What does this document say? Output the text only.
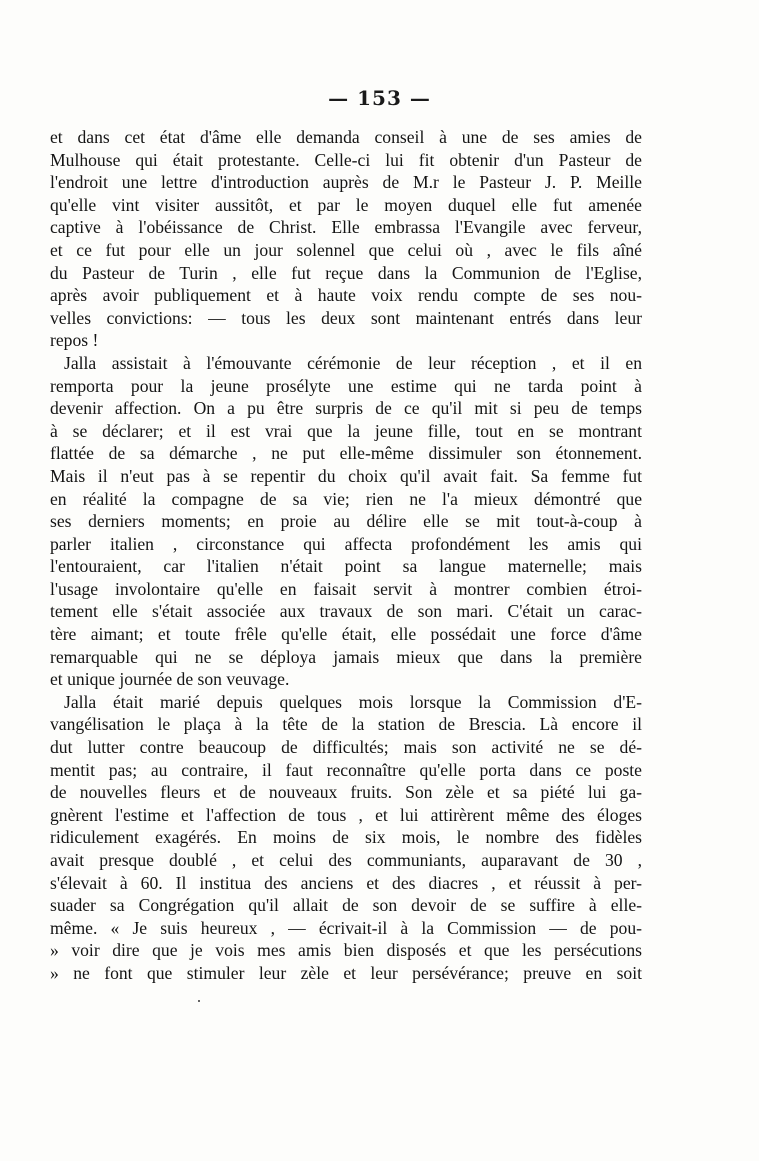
— 153 —
et dans cet état d'âme elle demanda conseil à une de ses amies de
Mulhouse qui était protestante. Celle-ci lui fit obtenir d'un Pasteur de
l'endroit une lettre d'introduction auprès de M.r le Pasteur J. P. Meille
qu'elle vint visiter aussitôt, et par le moyen duquel elle fut amenée
captive à l'obéissance de Christ. Elle embrassa l'Evangile avec ferveur,
et ce fut pour elle un jour solennel que celui où , avec le fils aîné
du Pasteur de Turin , elle fut reçue dans la Communion de l'Eglise,
après avoir publiquement et à haute voix rendu compte de ses nou-
velles convictions: — tous les deux sont maintenant entrés dans leur
repos !
Jalla assistait à l'émouvante cérémonie de leur réception , et il en
remporta pour la jeune prosélyte une estime qui ne tarda point à
devenir affection. On a pu être surpris de ce qu'il mit si peu de temps
à se déclarer; et il est vrai que la jeune fille, tout en se montrant
flattée de sa démarche , ne put elle-même dissimuler son étonnement.
Mais il n'eut pas à se repentir du choix qu'il avait fait. Sa femme fut
en réalité la compagne de sa vie; rien ne l'a mieux démontré que
ses derniers moments; en proie au délire elle se mit tout-à-coup à
parler italien , circonstance qui affecta profondément les amis qui
l'entouraient, car l'italien n'était point sa langue maternelle; mais
l'usage involontaire qu'elle en faisait servit à montrer combien étroi-
tement elle s'était associée aux travaux de son mari. C'était un carac-
tère aimant; et toute frêle qu'elle était, elle possédait une force d'âme
remarquable qui ne se déploya jamais mieux que dans la première
et unique journée de son veuvage.
Jalla était marié depuis quelques mois lorsque la Commission d'E-
vangélisation le plaça à la tête de la station de Brescia. Là encore il
dut lutter contre beaucoup de difficultés; mais son activité ne se dé-
mentit pas; au contraire, il faut reconnaître qu'elle porta dans ce poste
de nouvelles fleurs et de nouveaux fruits. Son zèle et sa piété lui ga-
gnèrent l'estime et l'affection de tous , et lui attirèrent même des éloges
ridiculement exagérés. En moins de six mois, le nombre des fidèles
avait presque doublé , et celui des communiants, auparavant de 30 ,
s'élevait à 60. Il institua des anciens et des diacres , et réussit à per-
suader sa Congrégation qu'il allait de son devoir de se suffire à elle-
même. « Je suis heureux , — écrivait-il à la Commission — de pou-
» voir dire que je vois mes amis bien disposés et que les persécutions
» ne font que stimuler leur zèle et leur persévérance; preuve en soit
